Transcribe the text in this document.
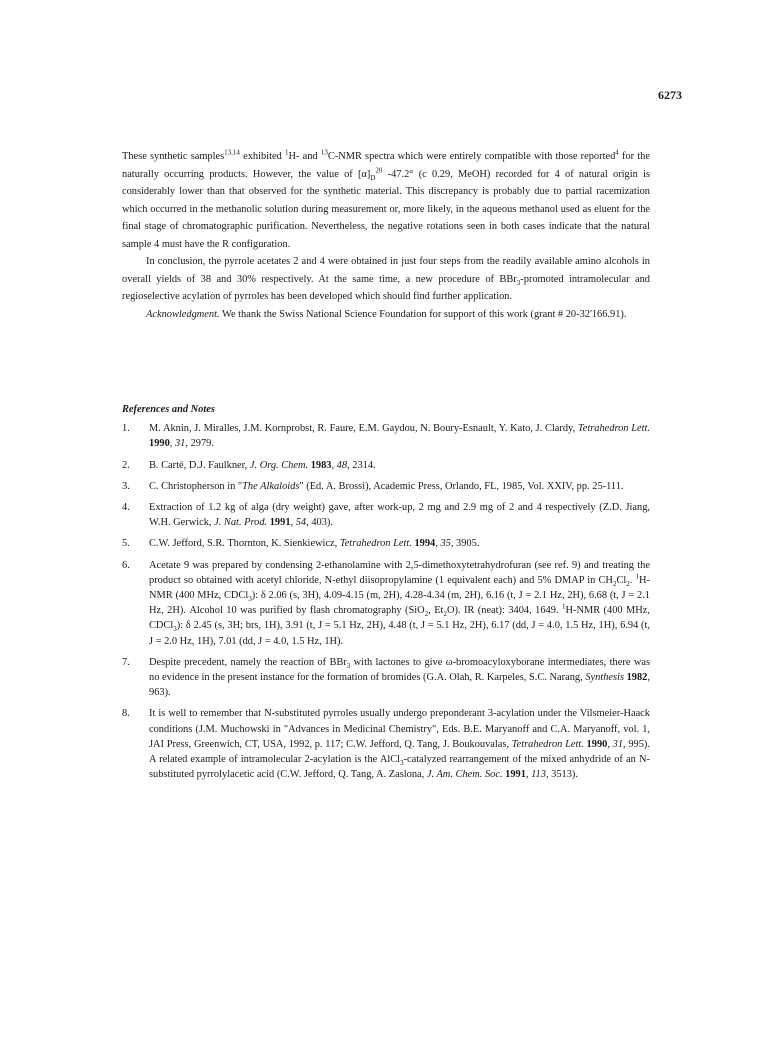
6273

These synthetic samples$^{13,14}$ exhibited $^1$H- and $^{13}$C-NMR spectra which were entirely compatible with those reported$^4$ for the naturally occurring products. However, the value of $[\alpha]_D^{20}$ -47.2° (c 0.29, MeOH) recorded for 4 of natural origin is considerably lower than that observed for the synthetic material. This discrepancy is probably due to partial racemization which occurred in the methanolic solution during measurement or, more likely, in the aqueous methanol used as eluent for the final stage of chromatographic purification. Nevertheless, the negative rotations seen in both cases indicate that the natural sample 4 must have the R configuration.

In conclusion, the pyrrole acetates 2 and 4 were obtained in just four steps from the readily available amino alcohols in overall yields of 38 and 30% respectively. At the same time, a new procedure of BBr$_3$-promoted intramolecular and regioselective acylation of pyrroles has been developed which should find further application.

Acknowledgment. We thank the Swiss National Science Foundation for support of this work (grant # 20-32'166.91).

References and Notes
1.	M. Aknin, J. Miralles, J.M. Kornprobst, R. Faure, E.M. Gaydou, N. Boury-Esnault, Y. Kato, J. Clardy, Tetrahedron Lett. 1990, 31, 2979.
2.	B. Carté, D.J. Faulkner, J. Org. Chem. 1983, 48, 2314.
3.	C. Christopherson in "The Alkaloids" (Ed. A. Brossi), Academic Press, Orlando, FL, 1985, Vol. XXIV, pp. 25-111.
4.	Extraction of 1.2 kg of alga (dry weight) gave, after work-up, 2 mg and 2.9 mg of 2 and 4 respectively (Z.D. Jiang, W.H. Gerwick, J. Nat. Prod. 1991, 54, 403).
5.	C.W. Jefford, S.R. Thornton, K. Sienkiewicz, Tetrahedron Lett. 1994, 35, 3905.
6.	Acetate 9 was prepared by condensing 2-ethanolamine with 2,5-dimethoxytetrahydrofuran (see ref. 9) and treating the product so obtained with acetyl chloride, N-ethyl diisopropylamine (1 equivalent each) and 5% DMAP in $CH_2Cl_2$. $^1$H-NMR (400 MHz, CDCl$_3$): δ 2.06 (s, 3H), 4.09-4.15 (m, 2H), 4.28-4.34 (m, 2H), 6.16 (t, J = 2.1 Hz, 2H), 6.68 (t, J = 2.1 Hz, 2H). Alcohol 10 was purified by flash chromatography (SiO$_2$, $Et_2O$). IR (neat): 3404, 1649. $^1$H-NMR (400 MHz, CDCl$_3$): δ 2.45 (s, 3H; brs, 1H), 3.91 (t, J = 5.1 Hz, 2H), 4.48 (t, J = 5.1 Hz, 2H), 6.17 (dd, J = 4.0, 1.5 Hz, 1H), 6.94 (t, J = 2.0 Hz, 1H), 7.01 (dd, J = 4.0, 1.5 Hz, 1H).
7.	Despite precedent, namely the reaction of BBr$_3$ with lactones to give ω-bromoacyloxyborane intermediates, there was no evidence in the present instance for the formation of bromides (G.A. Olah, R. Karpeles, S.C. Narang, Synthesis 1982, 963).
8.	It is well to remember that N-substituted pyrroles usually undergo preponderant 3-acylation under the Vilsmeier-Haack conditions (J.M. Muchowski in "Advances in Medicinal Chemistry", Eds. B.E. Maryanoff and C.A. Maryanoff, vol. 1, JAI Press, Greenwich, CT, USA, 1992, p. 117; C.W. Jefford, Q. Tang, J. Boukouvalas, Tetrahedron Lett. 1990, 31, 995). A related example of intramolecular 2-acylation is the AlCl$_3$-catalyzed rearrangement of the mixed anhydride of an N-substituted pyrrolylacetic acid (C.W. Jefford, Q. Tang, A. Zaslona, J. Am. Chem. Soc. 1991, 113, 3513).
